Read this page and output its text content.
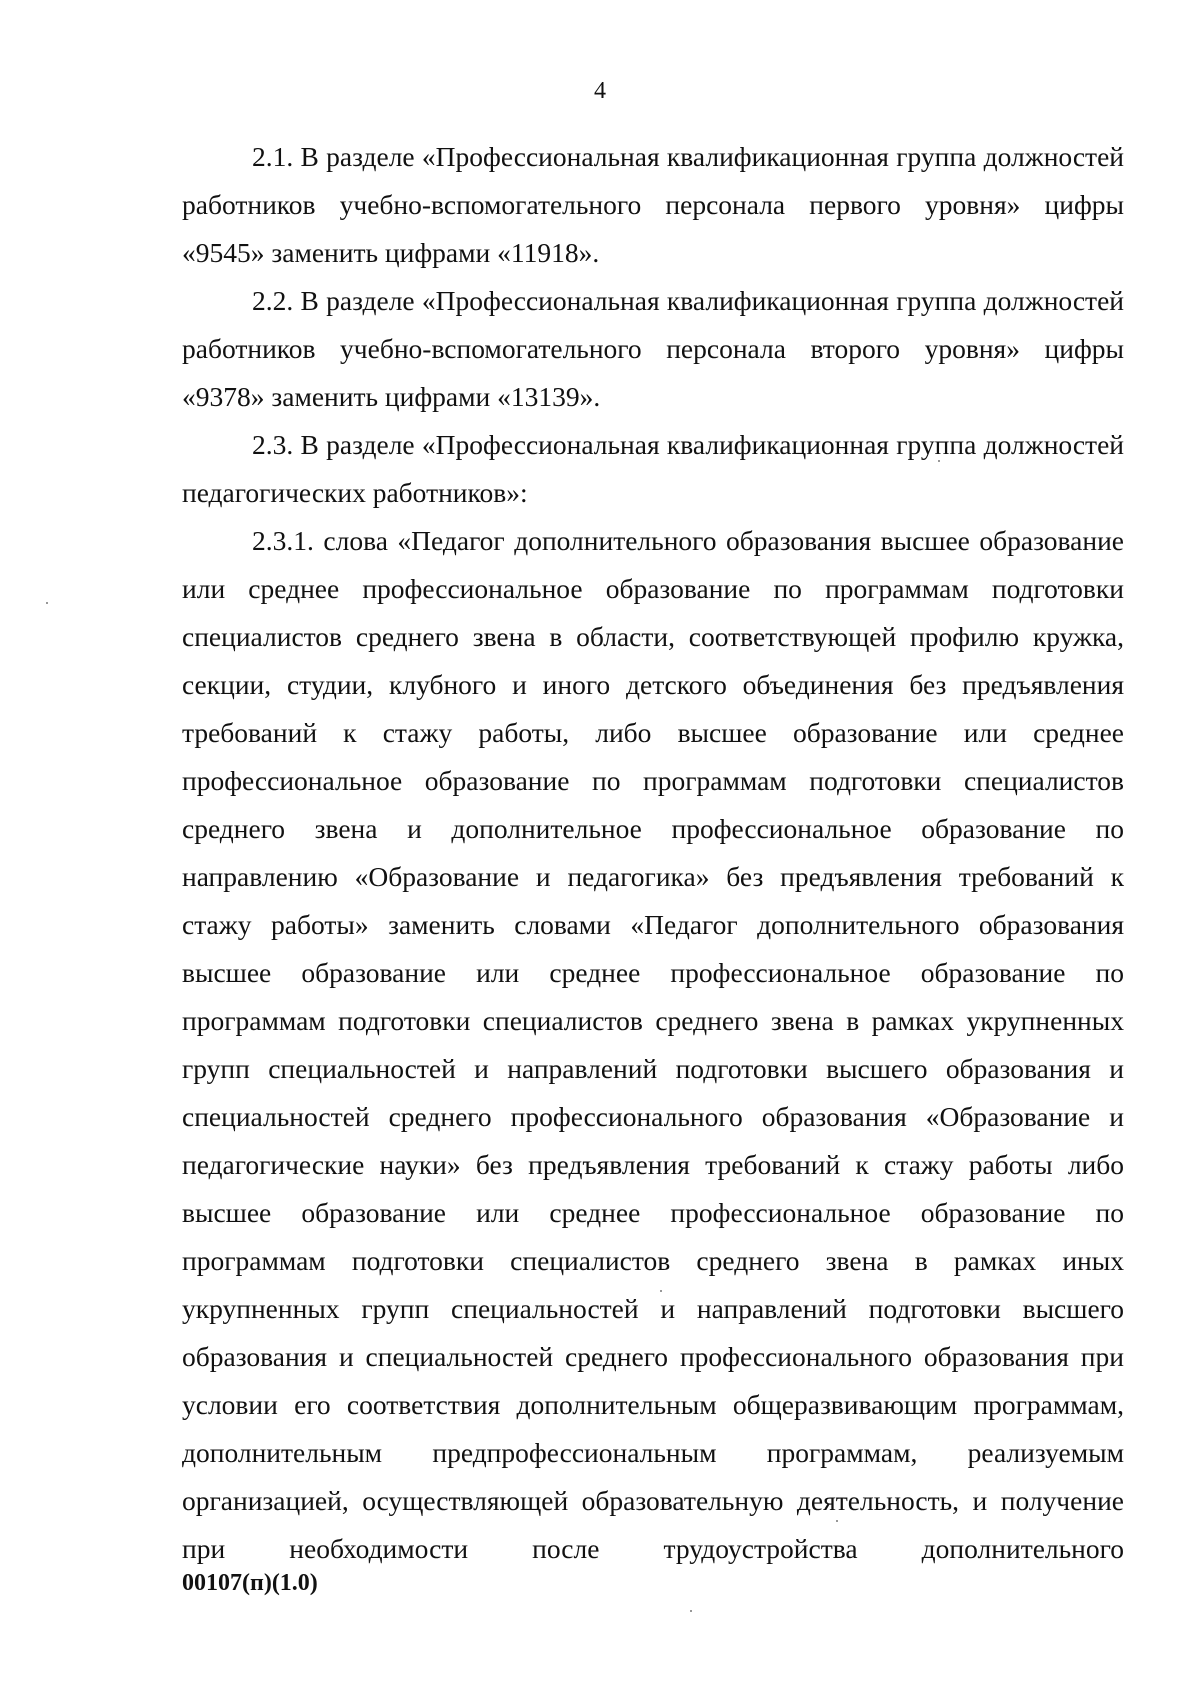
4

2.1. В разделе «Профессиональная квалификационная группа должностей работников учебно-вспомогательного персонала первого уровня» цифры «9545» заменить цифрами «11918».

2.2. В разделе «Профессиональная квалификационная группа должностей работников учебно-вспомогательного персонала второго уровня» цифры «9378» заменить цифрами «13139».

2.3. В разделе «Профессиональная квалификационная группа должностей педагогических работников»:

2.3.1. слова «Педагог дополнительного образования высшее образование или среднее профессиональное образование по программам подготовки специалистов среднего звена в области, соответствующей профилю кружка, секции, студии, клубного и иного детского объединения без предъявления требований к стажу работы, либо высшее образование или среднее профессиональное образование по программам подготовки специалистов среднего звена и дополнительное профессиональное образование по направлению «Образование и педагогика» без предъявления требований к стажу работы» заменить словами «Педагог дополнительного образования высшее образование или среднее профессиональное образование по программам подготовки специалистов среднего звена в рамках укрупненных групп специальностей и направлений подготовки высшего образования и специальностей среднего профессионального образования «Образование и педагогические науки» без предъявления требований к стажу работы либо высшее образование или среднее профессиональное образование по программам подготовки специалистов среднего звена в рамках иных укрупненных групп специальностей и направлений подготовки высшего образования и специальностей среднего профессионального образования при условии его соответствия дополнительным общеразвивающим программам, дополнительным предпрофессиональным программам, реализуемым организацией, осуществляющей образовательную деятельность, и получение при необходимости после трудоустройства дополнительного

00107(п)(1.0)
